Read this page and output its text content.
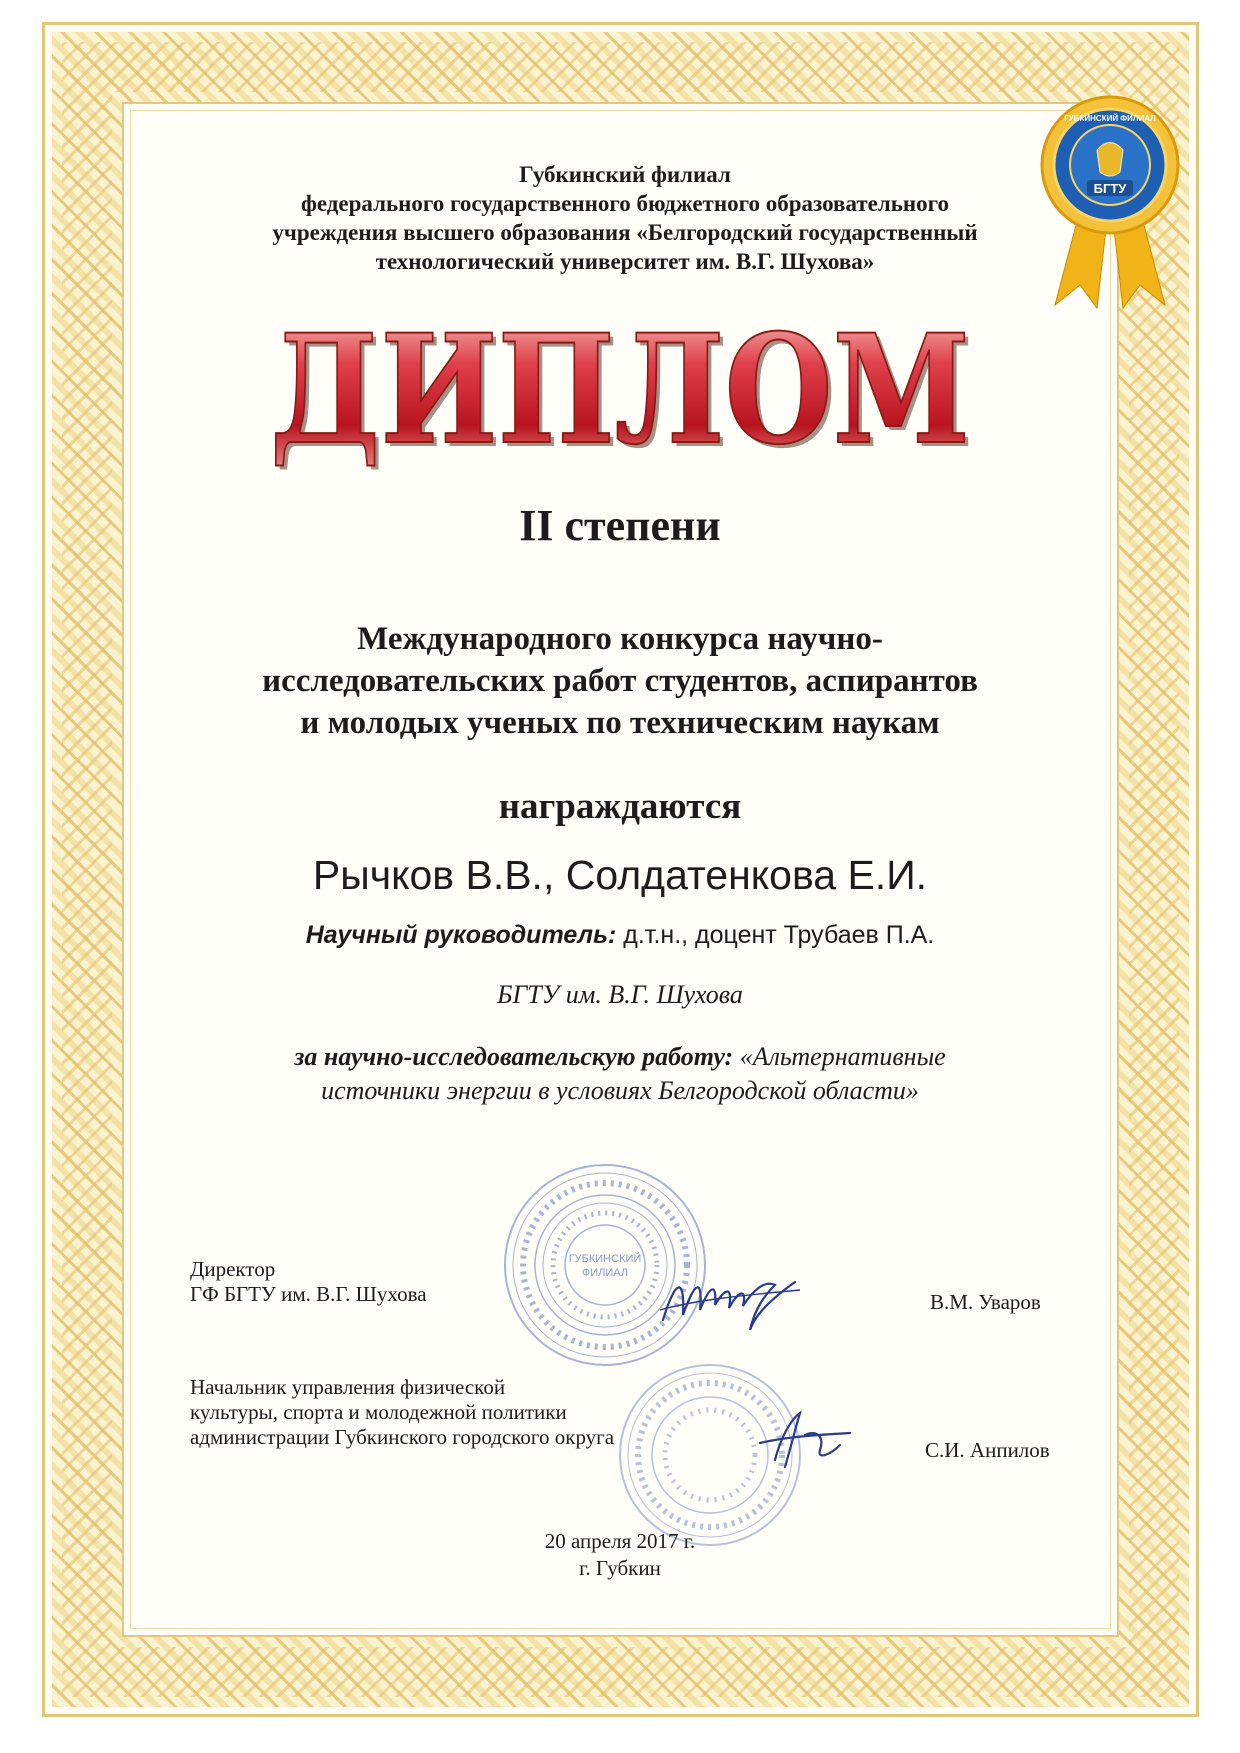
БГТУ
ГУБКИНСКИЙ ФИЛИАЛ
Губкинский филиал
федерального государственного бюджетного образовательного
учреждения высшего образования «Белгородский государственный
технологический университет им. В.Г. Шухова»
ДИПЛОМ
ДИПЛОМ
II степени
Международного конкурса научно-
исследовательских работ студентов, аспирантов
и молодых ученых по техническим наукам
награждаются
Рычков В.В., Солдатенкова Е.И.
Научный руководитель: д.т.н., доцент Трубаев П.А.
БГТУ им. В.Г. Шухова
за научно-исследовательскую работу: «Альтернативные
источники энергии в условиях Белгородской области»
ГУБКИНСКИЙ
ФИЛИАЛ
Директор
ГФ БГТУ им. В.Г. Шухова	В.М. Уваров
Начальник управления физической
культуры, спорта и молодежной политики
администрации Губкинского городского округа
С.И. Анпилов
20 апреля 2017 г.
г. Губкин
